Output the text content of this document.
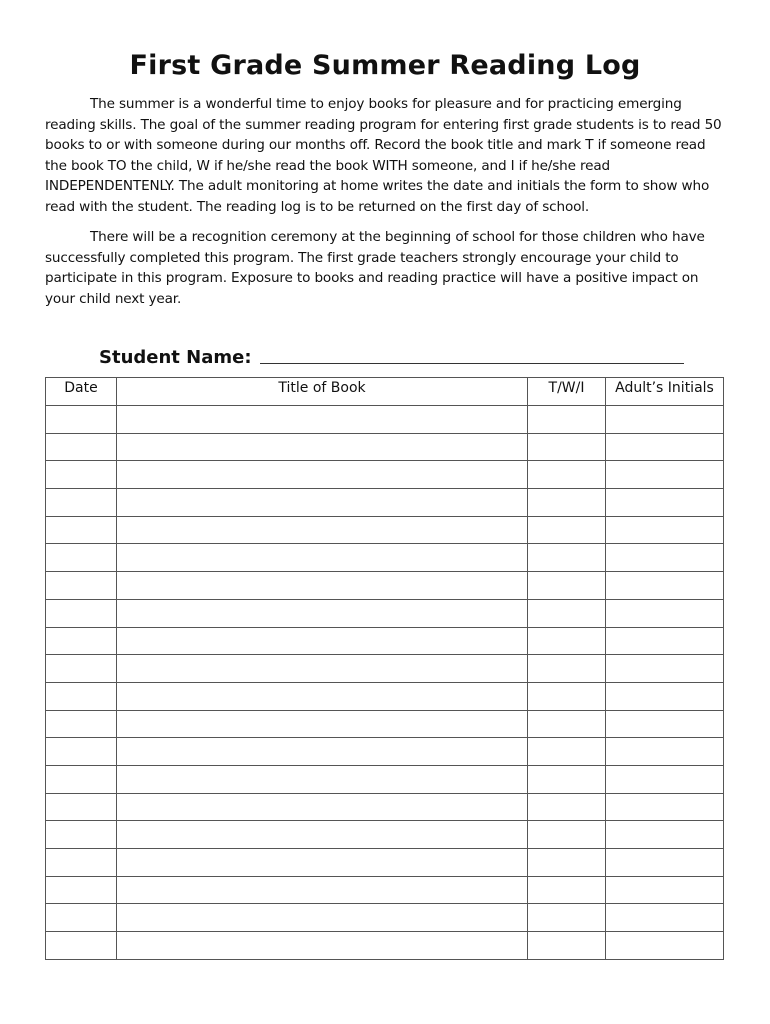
First Grade Summer Reading Log

The summer is a wonderful time to enjoy books for pleasure and for practicing emerging reading skills. The goal of the summer reading program for entering first grade students is to read 50 books to or with someone during our months off. Record the book title and mark T if someone read the book TO the child, W if he/she read the book WITH someone, and I if he/she read INDEPENDENTENLY. The adult monitoring at home writes the date and initials the form to show who read with the student. The reading log is to be returned on the first day of school.

There will be a recognition ceremony at the beginning of school for those children who have successfully completed this program. The first grade teachers strongly encourage your child to participate in this program. Exposure to books and reading practice will have a positive impact on your child next year.

Student Name:
Date	Title of Book	T/W/I	Adult’s Initials
